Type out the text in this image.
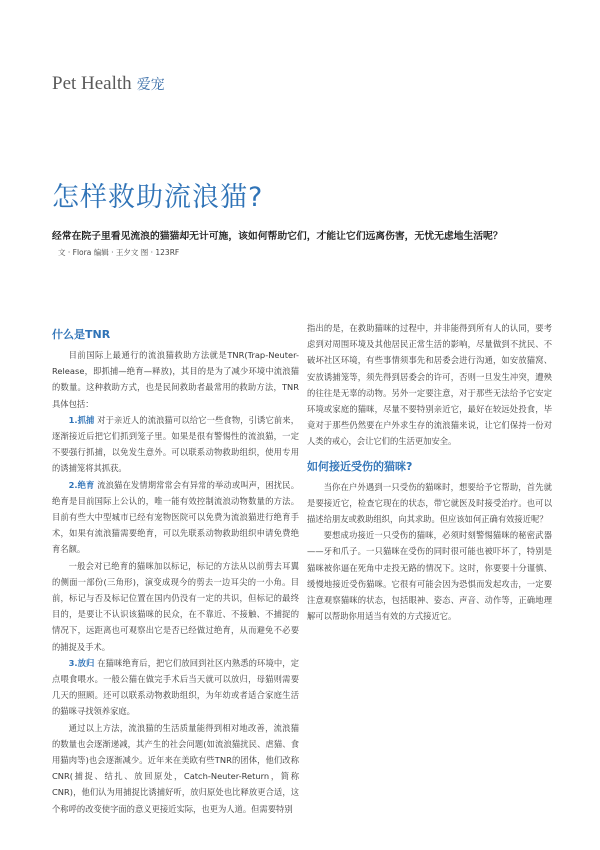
Pet Health 爱宠
怎样救助流浪猫?
经常在院子里看见流浪的猫猫却无计可施，该如何帮助它们，才能让它们远离伤害，无忧无虑地生活呢？文 · Flora 编辑 · 王夕文 图 · 123RF
什么是TNR

目前国际上最通行的流浪猫救助方法就是TNR(Trap-Neuter-Release，即抓捕—绝育—释放)，其目的是为了减少环境中流浪猫的数量。这种救助方式，也是民间救助者最常用的救助方法，TNR具体包括：

1.抓捕 对于亲近人的流浪猫可以给它一些食物，引诱它前来，逐渐接近后把它们抓到笼子里。如果是很有警惕性的流浪猫，一定不要强行抓捕，以免发生意外。可以联系动物救助组织，使用专用的诱捕笼将其抓获。

2.绝育 流浪猫在发情期常常会有异常的举动或叫声，困扰民。绝育是目前国际上公认的，唯一能有效控制流浪动物数量的方法。目前有些大中型城市已经有宠物医院可以免费为流浪猫进行绝育手术，如果有流浪猫需要绝育，可以先联系动物救助组织申请免费绝育名额。

一般会对已绝育的猫咪加以标记，标记的方法从以前剪去耳翼的侧面一部份(三角形)，演变成现今的剪去一边耳尖的一小角。目前，标记与否及标记位置在国内仍没有一定的共识，但标记的最终目的，是要让不认识该猫咪的民众，在不靠近、不接触、不捕捉的情况下，远距离也可观察出它是否已经做过绝育，从而避免不必要的捕捉及手术。

3.放归 在猫咪绝育后，把它们放回到社区内熟悉的环境中，定点喂食喂水。一般公猫在做完手术后当天就可以放归，母猫则需要几天的照顾。还可以联系动物救助组织，为年幼或者适合家庭生活的猫咪寻找领养家庭。

通过以上方法，流浪猫的生活质量能得到相对地改善，流浪猫的数量也会逐渐递减，其产生的社会问题(如流浪猫扰民、虐猫、食用猫肉等)也会逐渐减少。近年来在美欧有些TNR的团体，他们改称CNR(捕捉、结扎、放回原处，Catch-Neuter-Return，简称CNR)，他们认为用捕捉比诱捕好听，放归原处也比释放更合适，这个称呼的改变使字面的意义更接近实际，也更为人道。但需要特别

指出的是，在救助猫咪的过程中，并非能得到所有人的认同，要考虑到对周围环境及其他居民正常生活的影响，尽量做到不扰民、不破坏社区环境，有些事情须事先和居委会进行沟通，如安放猫窝、安放诱捕笼等，须先得到居委会的许可，否则一旦发生冲突，遭殃的往往是无辜的动物。另外一定要注意，对于那些无法给予它安定环境或家庭的猫咪，尽量不要特别亲近它，最好在较远处投食，毕竟对于那些仍然要在户外求生存的流浪猫来说，让它们保持一份对人类的戒心，会让它们的生活更加安全。

如何接近受伤的猫咪?

当你在户外遇到一只受伤的猫咪时，想要给予它帮助，首先就是要接近它，检查它现在的状态，带它就医及时接受治疗。也可以描述给朋友或救助组织，向其求助。但应该如何正确有效接近呢？

要想成功接近一只受伤的猫咪，必须时刻警惕猫咪的秘密武器——牙和爪子。一只猫咪在受伤的同时很可能也被吓坏了，特别是猫咪被你逼在死角中走投无路的情况下。这时，你要要十分谨慎、缓慢地接近受伤猫咪。它很有可能会因为恐惧而发起攻击，一定要注意观察猫咪的状态，包括眼神、姿态、声音、动作等，正确地理解可以帮助你用适当有效的方式接近它。
